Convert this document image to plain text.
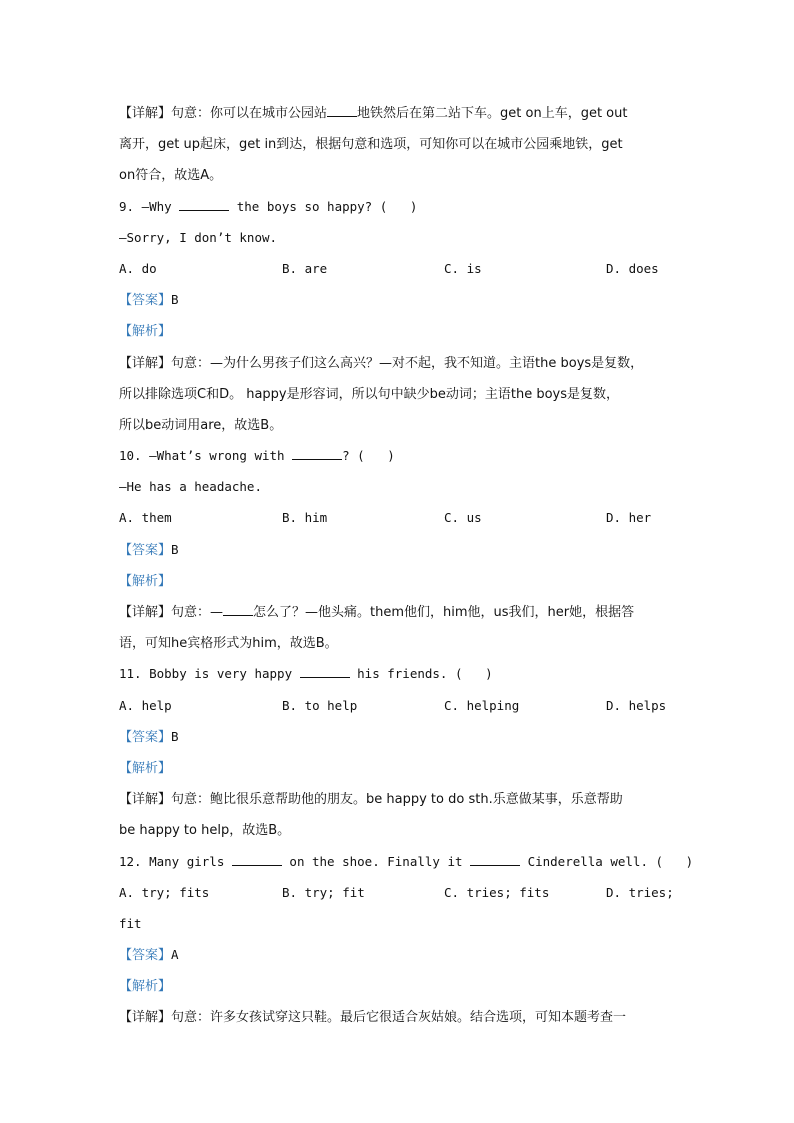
【详解】句意：你可以在城市公园站 地铁然后在第二站下车。get on上车，get out
离开，get up起床，get in到达，根据句意和选项，可知你可以在城市公园乘地铁，get
on符合，故选A。
9. —Why	the boys so happy? (   )
—Sorry, I don’t know.
A. do	B. are	C. is	D. does
【答案】B
【解析】
【详解】句意：—为什么男孩子们这么高兴？—对不起，我不知道。主语the boys是复数，
所以排除选项C和D。 happy是形容词，所以句中缺少be动词；主语the boys是复数，
所以be动词用are，故选B。
10. —What’s wrong with	? (   )
—He has a headache.
A. them	B. him	C. us	D. her
【答案】B
【解析】
【详解】句意：— 怎么了？—他头痛。them他们，him他，us我们，her她，根据答
语，可知he宾格形式为him，故选B。
11. Bobby is very happy	his friends. (   )
A. help	B. to help	C. helping	D. helps
【答案】B
【解析】
【详解】句意：鲍比很乐意帮助他的朋友。be happy to do sth.乐意做某事，乐意帮助
be happy to help，故选B。
12. Many girls	on the shoe. Finally it	Cinderella well. (   )
A. try; fits	B. try; fit	C. tries; fits	D. tries;
fit
【答案】A
【解析】
【详解】句意：许多女孩试穿这只鞋。最后它很适合灰姑娘。结合选项，可知本题考查一
